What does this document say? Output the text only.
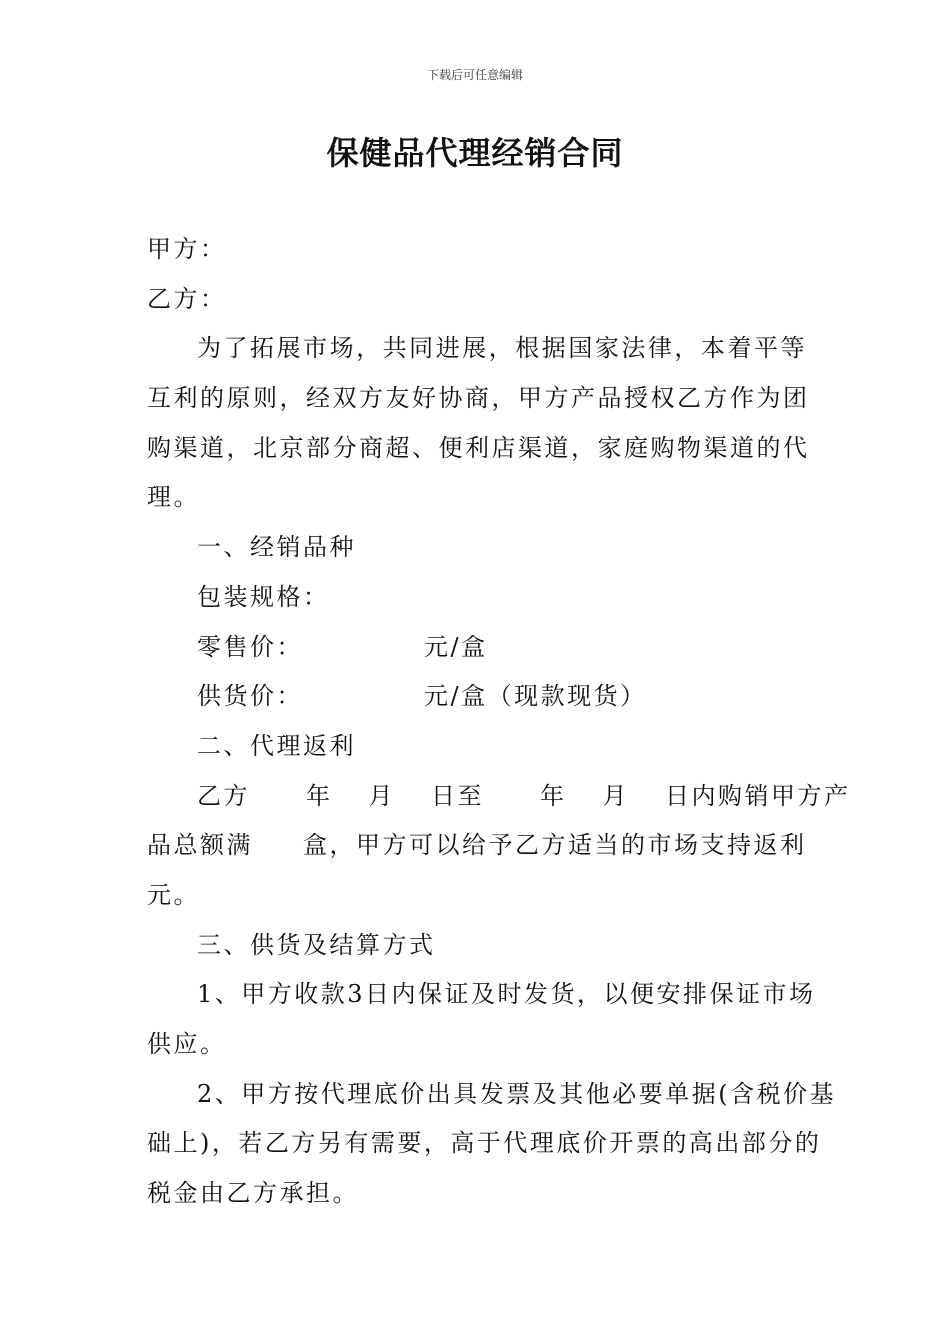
下载后可任意编辑
保健品代理经销合同
甲方：
乙方：
为了拓展市场，共同进展，根据国家法律，本着平等
互利的原则，经双方友好协商，甲方产品授权乙方作为团
购渠道，北京部分商超、便利店渠道，家庭购物渠道的代
理。
一、经销品种
包装规格：
零售价：	元/盒
供货价：	元/盒（现款现货）
二、代理返利
乙方 年 月 日至 年 月 日内购销甲方产
品总额满 盒，甲方可以给予乙方适当的市场支持返利
元。
三、供货及结算方式
1、甲方收款3日内保证及时发货，以便安排保证市场
供应。
2、甲方按代理底价出具发票及其他必要单据(含税价基
础上)，若乙方另有需要，高于代理底价开票的高出部分的
税金由乙方承担。
